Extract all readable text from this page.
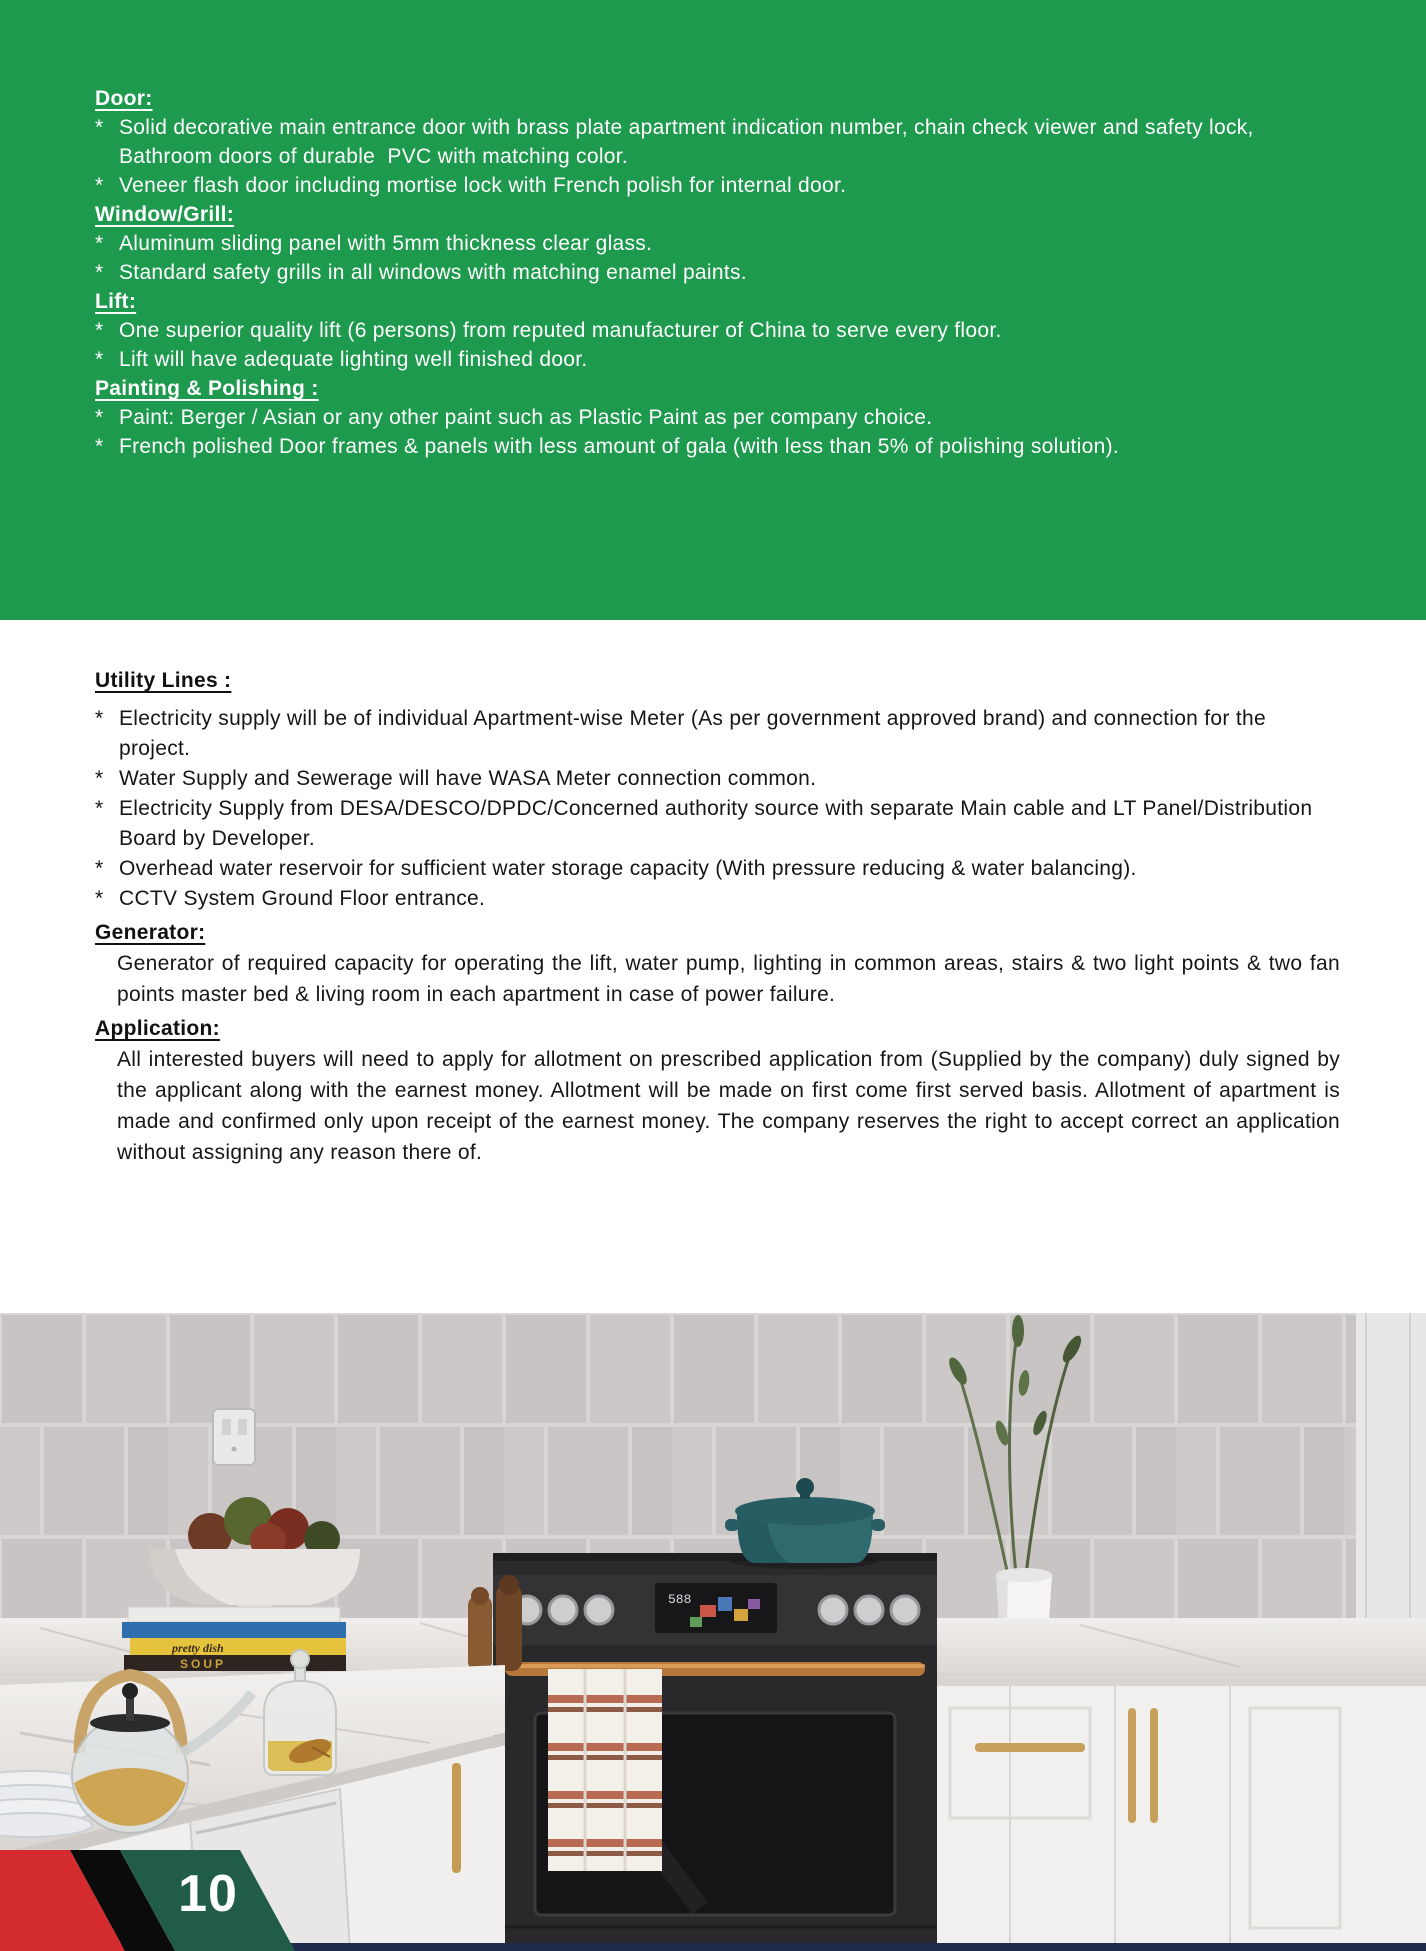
Door:
* Solid decorative main entrance door with brass plate apartment indication number, chain check viewer and safety lock, Bathroom doors of durable  PVC with matching color.
* Veneer flash door including mortise lock with French polish for internal door.
Window/Grill:
* Aluminum sliding panel with 5mm thickness clear glass.
* Standard safety grills in all windows with matching enamel paints.
Lift:
* One superior quality lift (6 persons) from reputed manufacturer of China to serve every floor.
* Lift will have adequate lighting well finished door.
Painting & Polishing :
* Paint: Berger / Asian or any other paint such as Plastic Paint as per company choice.
* French polished Door frames & panels with less amount of gala (with less than 5% of polishing solution).
Utility Lines :
* Electricity supply will be of individual Apartment-wise Meter (As per government approved brand) and connection for the project.
* Water Supply and Sewerage will have WASA Meter connection common.
* Electricity Supply from DESA/DESCO/DPDC/Concerned authority source with separate Main cable and LT Panel/Distribution Board by Developer.
* Overhead water reservoir for sufficient water storage capacity (With pressure reducing & water balancing).
* CCTV System Ground Floor entrance.
Generator:
Generator of required capacity for operating the lift, water pump, lighting in common areas, stairs & two light points & two fan points master bed & living room in each apartment in case of power failure.
Application:
All interested buyers will need to apply for allotment on prescribed application from (Supplied by the company) duly signed by the applicant along with the earnest money. Allotment will be made on first come first served basis. Allotment of apartment is made and confirmed only upon receipt of the earnest money. The company reserves the right to accept correct an application without assigning any reason there of.
588
pretty dish
SOUP
10
